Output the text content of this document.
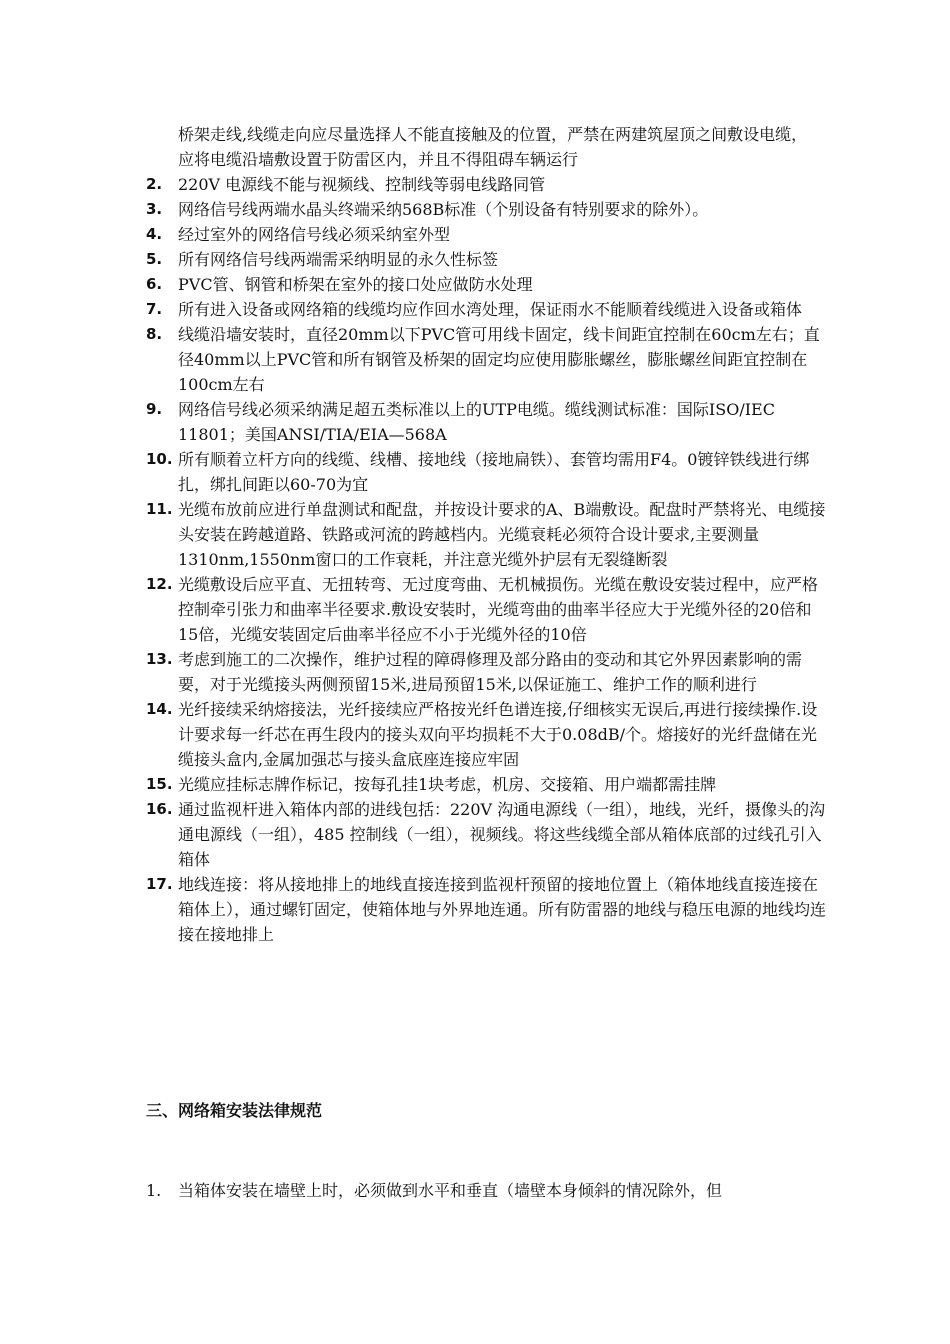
桥架走线,线缆走向应尽量选择人不能直接触及的位置，严禁在两建筑屋顶之间敷设电缆，应将电缆沿墙敷设置于防雷区内，并且不得阻碍车辆运行
2. 220V 电源线不能与视频线、控制线等弱电线路同管
3. 网络信号线两端水晶头终端采纳568B标准（个别设备有特别要求的除外）。
4. 经过室外的网络信号线必须采纳室外型
5. 所有网络信号线两端需采纳明显的永久性标签
6. PVC管、钢管和桥架在室外的接口处应做防水处理
7. 所有进入设备或网络箱的线缆均应作回水湾处理，保证雨水不能顺着线缆进入设备或箱体
8. 线缆沿墙安装时，直径20mm以下PVC管可用线卡固定，线卡间距宜控制在60cm左右；直径40mm以上PVC管和所有钢管及桥架的固定均应使用膨胀螺丝，膨胀螺丝间距宜控制在100cm左右
9. 网络信号线必须采纳满足超五类标准以上的UTP电缆。缆线测试标准：国际ISO/IEC 11801；美国ANSI/TIA/EIA—568A
10. 所有顺着立杆方向的线缆、线槽、接地线（接地扁铁）、套管均需用F4。0镀锌铁线进行绑扎，绑扎间距以60-70为宜
11. 光缆布放前应进行单盘测试和配盘，并按设计要求的A、B端敷设。配盘时严禁将光、电缆接头安装在跨越道路、铁路或河流的跨越档内。光缆衰耗必须符合设计要求,主要测量 1310nm,1550nm窗口的工作衰耗，并注意光缆外护层有无裂缝断裂
12. 光缆敷设后应平直、无扭转弯、无过度弯曲、无机械损伤。光缆在敷设安装过程中，应严格控制牵引张力和曲率半径要求.敷设安装时，光缆弯曲的曲率半径应大于光缆外径的20倍和15倍，光缆安装固定后曲率半径应不小于光缆外径的10倍
13. 考虑到施工的二次操作，维护过程的障碍修理及部分路由的变动和其它外界因素影响的需要，对于光缆接头两侧预留15米,进局预留15米,以保证施工、维护工作的顺利进行
14. 光纤接续采纳熔接法，光纤接续应严格按光纤色谱连接,仔细核实无误后,再进行接续操作.设计要求每一纤芯在再生段内的接头双向平均损耗不大于0.08dB/个。熔接好的光纤盘储在光缆接头盒内,金属加强芯与接头盒底座连接应牢固
15. 光缆应挂标志牌作标记，按每孔挂1块考虑，机房、交接箱、用户端都需挂牌
16. 通过监视杆进入箱体内部的进线包括：220V 沟通电源线（一组），地线，光纤，摄像头的沟通电源线（一组），485 控制线（一组），视频线。将这些线缆全部从箱体底部的过线孔引入箱体
17. 地线连接：将从接地排上的地线直接连接到监视杆预留的接地位置上（箱体地线直接连接在箱体上），通过螺钉固定，使箱体地与外界地连通。所有防雷器的地线与稳压电源的地线均连接在接地排上
三、网络箱安装法律规范
1.	当箱体安装在墙壁上时，必须做到水平和垂直（墙壁本身倾斜的情况除外，但
